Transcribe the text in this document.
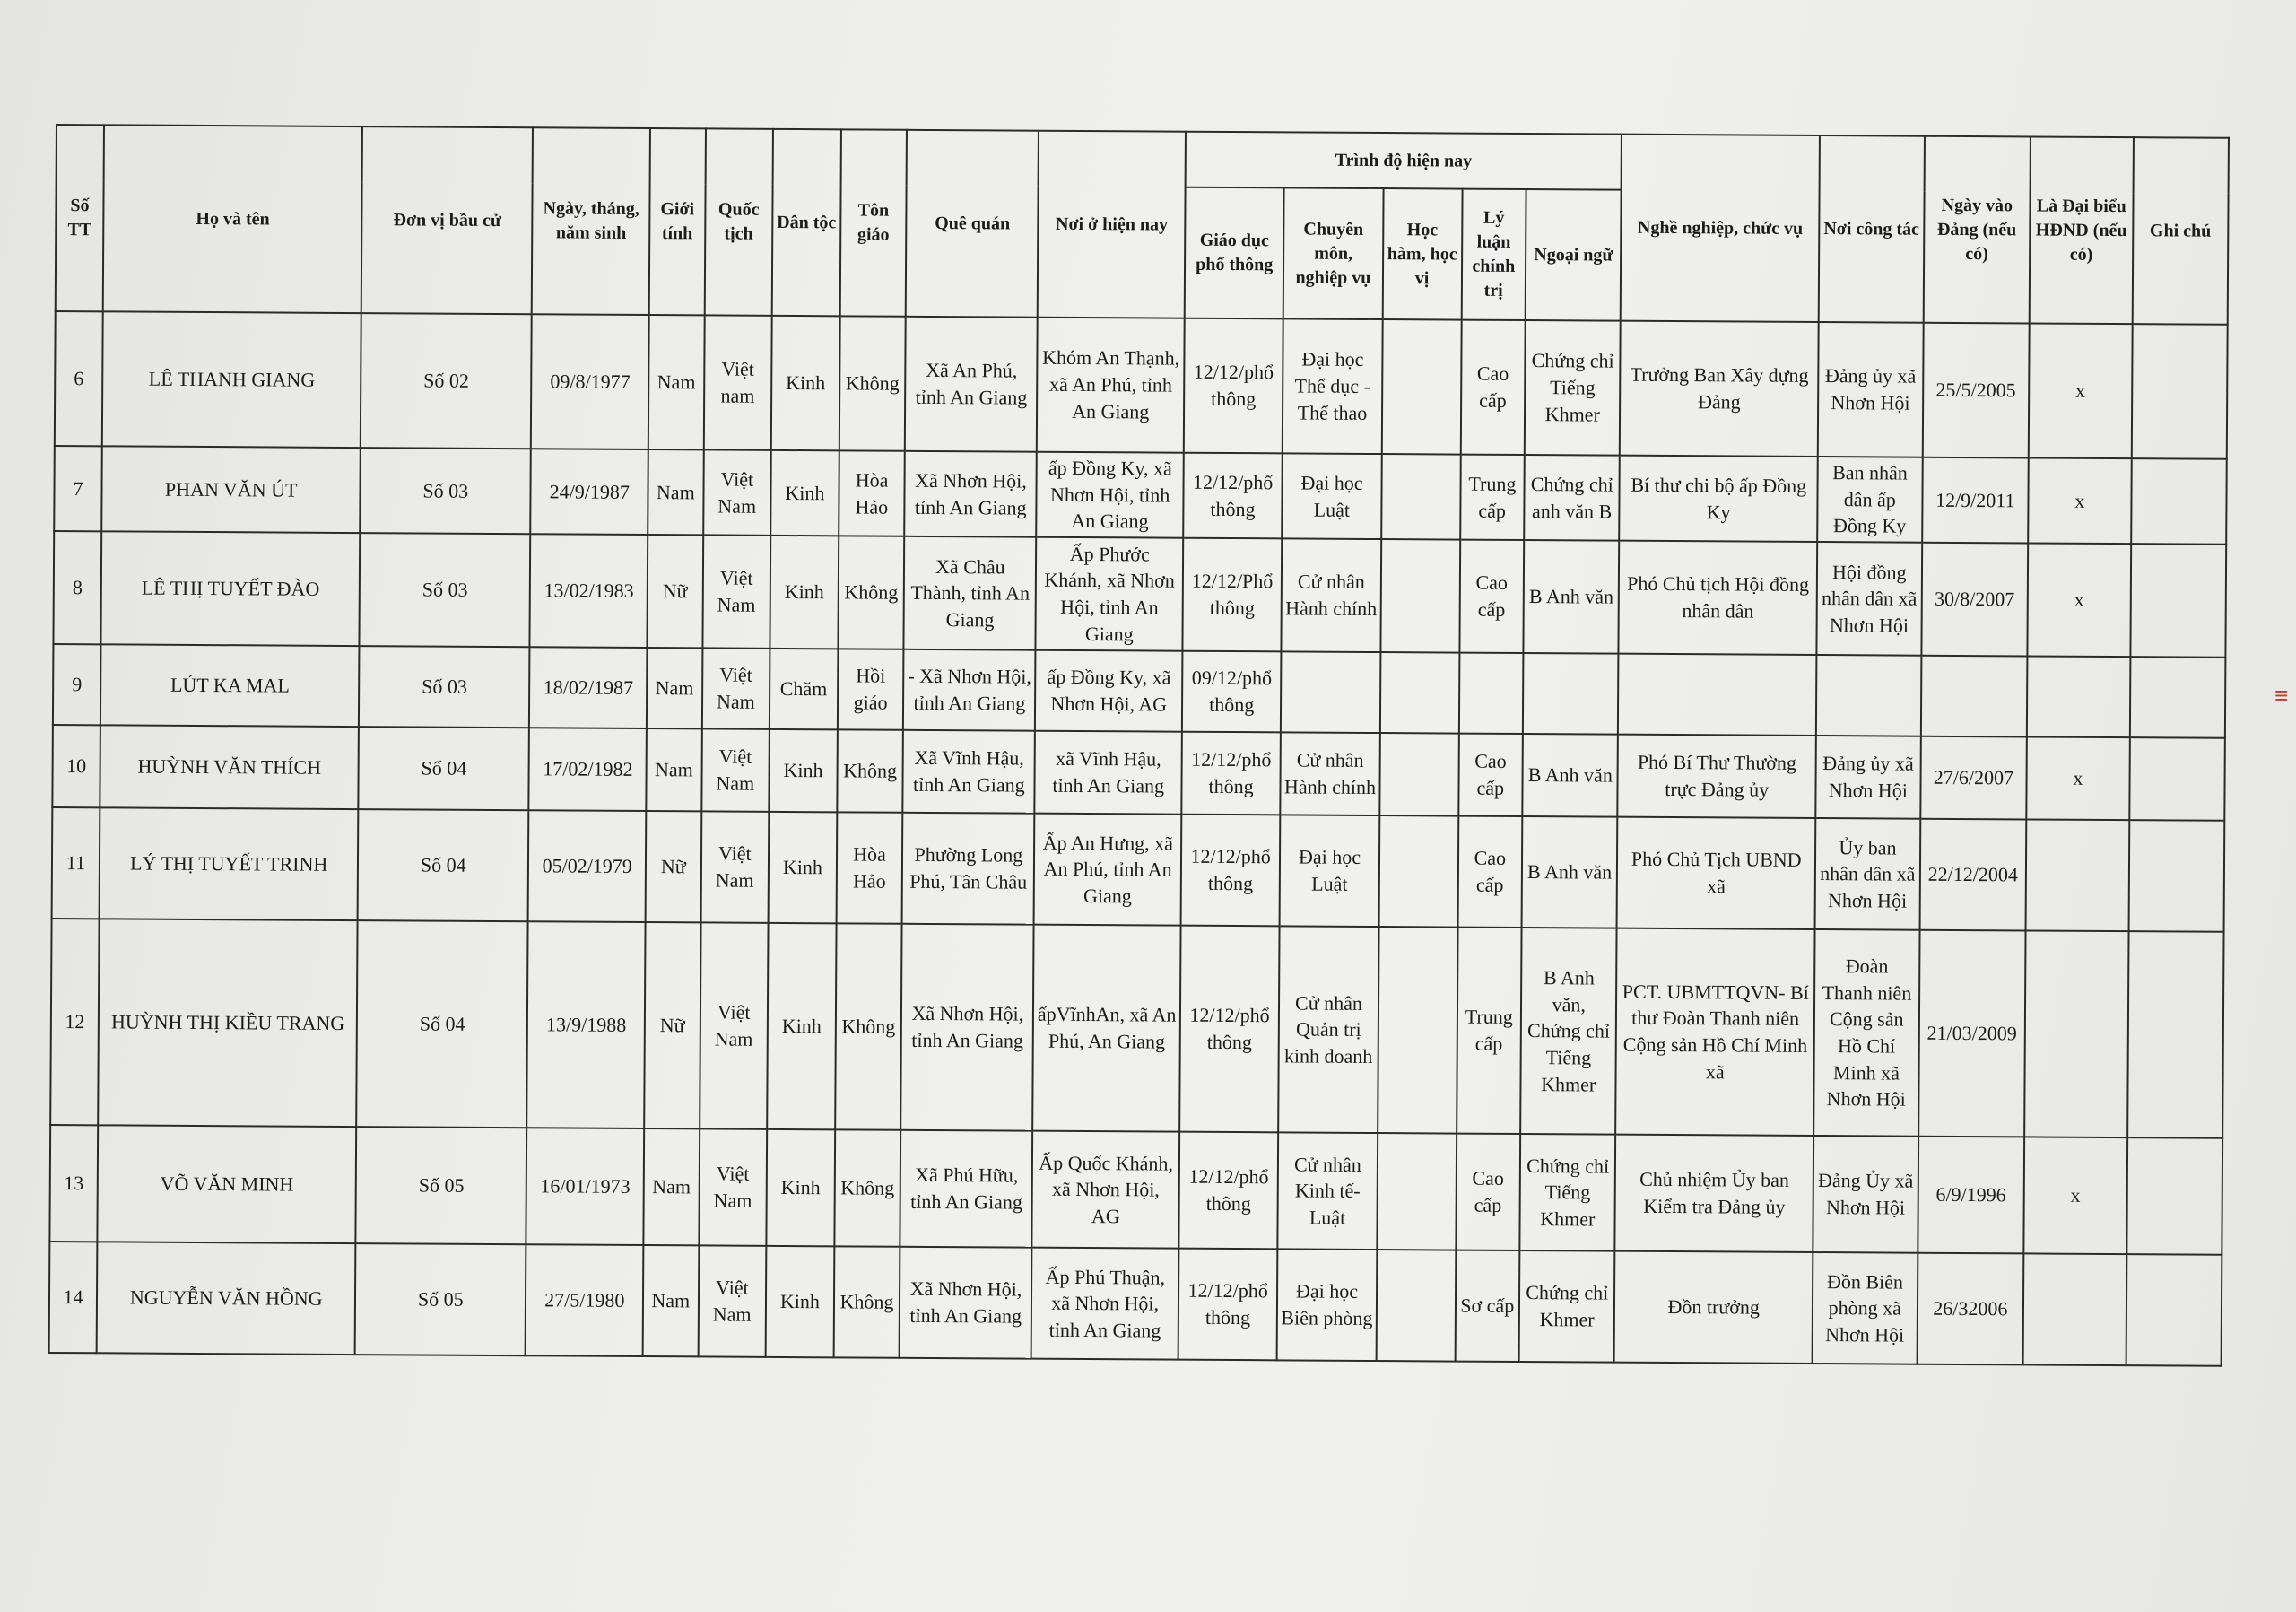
Số TT	Họ và tên	Đơn vị bầu cử	Ngày, tháng, năm sinh	Giới tính	Quốc tịch	Dân tộc	Tôn giáo	Quê quán	Nơi ở hiện nay	Trình độ hiện nay					Nghề nghiệp, chức vụ	Nơi công tác	Ngày vào Đảng (nếu có)	Là Đại biểu HĐND (nếu có)	Ghi chú
										Giáo dục phổ thông	Chuyên môn, nghiệp vụ	Học hàm, học vị	Lý luận chính trị	Ngoại ngữ					
6	LÊ THANH GIANG	Số 02	09/8/1977	Nam	Việt nam	Kinh	Không	Xã An Phú, tỉnh An Giang	Khóm An Thạnh, xã An Phú, tỉnh An Giang	12/12/phổ thông	Đại học Thể dục - Thể thao		Cao cấp	Chứng chỉ Tiếng Khmer	Trưởng Ban Xây dựng Đảng	Đảng ủy xã Nhơn Hội	25/5/2005	x	
7	PHAN VĂN ÚT	Số 03	24/9/1987	Nam	Việt Nam	Kinh	Hòa Hảo	Xã Nhơn Hội, tỉnh An Giang	ấp Đồng Ky, xã Nhơn Hội, tỉnh An Giang	12/12/phổ thông	Đại học Luật		Trung cấp	Chứng chỉ anh văn B	Bí thư chi bộ ấp Đồng Ky	Ban nhân dân ấp Đồng Ky	12/9/2011	x	
8	LÊ THỊ TUYẾT ĐÀO	Số 03	13/02/1983	Nữ	Việt Nam	Kinh	Không	Xã Châu Thành, tỉnh An Giang	Ấp Phước Khánh, xã Nhơn Hội, tỉnh An Giang	12/12/Phổ thông	Cử nhân Hành chính		Cao cấp	B Anh văn	Phó Chủ tịch Hội đồng nhân dân	Hội đồng nhân dân xã Nhơn Hội	30/8/2007	x	
9	LÚT KA MAL	Số 03	18/02/1987	Nam	Việt Nam	Chăm	Hồi giáo	- Xã Nhơn Hội, tỉnh An Giang	ấp Đồng Ky, xã Nhơn Hội, AG	09/12/phổ thông									
10	HUỲNH VĂN THÍCH	Số 04	17/02/1982	Nam	Việt Nam	Kinh	Không	Xã Vĩnh Hậu, tỉnh An Giang	xã Vĩnh Hậu, tỉnh An Giang	12/12/phổ thông	Cử nhân Hành chính		Cao cấp	B Anh văn	Phó Bí Thư Thường trực Đảng ủy	Đảng ủy xã Nhơn Hội	27/6/2007	x	
11	LÝ THỊ TUYẾT TRINH	Số 04	05/02/1979	Nữ	Việt Nam	Kinh	Hòa Hảo	Phường Long Phú, Tân Châu	Ấp An Hưng, xã An Phú, tỉnh An Giang	12/12/phổ thông	Đại học Luật		Cao cấp	B Anh văn	Phó Chủ Tịch UBND xã	Ủy ban nhân dân xã Nhơn Hội	22/12/2004		
12	HUỲNH THỊ KIỀU TRANG	Số 04	13/9/1988	Nữ	Việt Nam	Kinh	Không	Xã Nhơn Hội, tỉnh An Giang	ấpVĩnhAn, xã An Phú, An Giang	12/12/phổ thông	Cử nhân Quản trị kinh doanh		Trung cấp	B Anh văn, Chứng chỉ Tiếng Khmer	PCT. UBMTTQVN- Bí thư Đoàn Thanh niên Cộng sản Hồ Chí Minh xã	Đoàn Thanh niên Cộng sản Hồ Chí Minh xã Nhơn Hội	21/03/2009		
13	VÕ VĂN MINH	Số 05	16/01/1973	Nam	Việt Nam	Kinh	Không	Xã Phú Hữu, tỉnh An Giang	Ấp Quốc Khánh, xã Nhơn Hội, AG	12/12/phổ thông	Cử nhân Kinh tế- Luật		Cao cấp	Chứng chỉ Tiếng Khmer	Chủ nhiệm Ủy ban Kiểm tra Đảng ủy	Đảng Ủy xã Nhơn Hội	6/9/1996	x	
14	NGUYỄN VĂN HỒNG	Số 05	27/5/1980	Nam	Việt Nam	Kinh	Không	Xã Nhơn Hội, tỉnh An Giang	Ấp Phú Thuận, xã Nhơn Hội, tỉnh An Giang	12/12/phổ thông	Đại học Biên phòng		Sơ cấp	Chứng chỉ Khmer	Đồn trưởng	Đồn Biên phòng xã Nhơn Hội	26/32006		
≡
